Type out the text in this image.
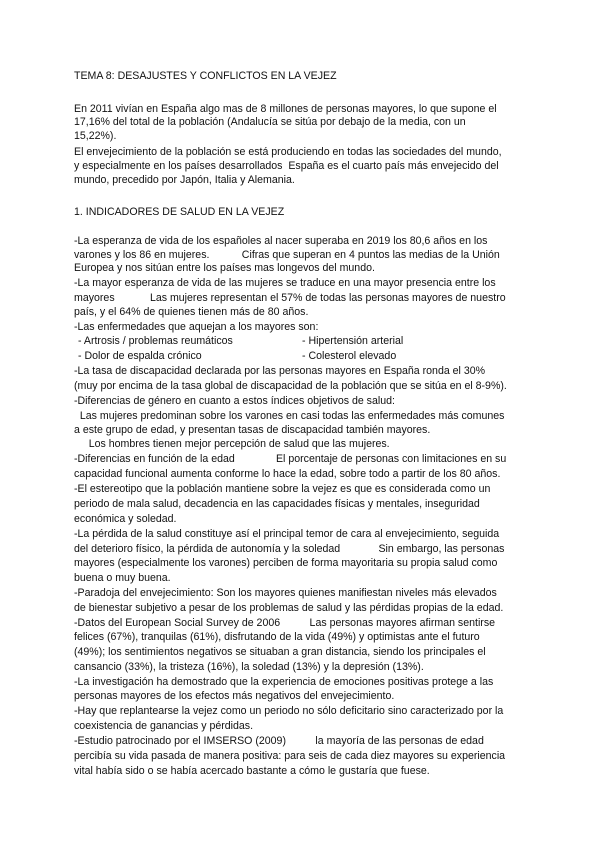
TEMA 8: DESAJUSTES Y CONFLICTOS EN LA VEJEZ
En 2011 vivían en España algo mas de 8 millones de personas mayores, lo que supone el
17,16% del total de la población (Andalucía se sitúa por debajo de la media, con un
15,22%).
El envejecimiento de la población se está produciendo en todas las sociedades del mundo,
y especialmente en los países desarrollados  España es el cuarto país más envejecido del
mundo, precedido por Japón, Italia y Alemania.
1. INDICADORES DE SALUD EN LA VEJEZ
-La esperanza de vida de los españoles al nacer superaba en 2019 los 80,6 años en los
varones y los 86 en mujeres.           Cifras que superan en 4 puntos las medias de la Unión
Europea y nos sitúan entre los países mas longevos del mundo.
-La mayor esperanza de vida de las mujeres se traduce en una mayor presencia entre los
mayores            Las mujeres representan el 57% de todas las personas mayores de nuestro
país, y el 64% de quienes tienen más de 80 años.
-Las enfermedades que aquejan a los mayores son:
- Artrosis / problemas reumáticos	- Hipertensión arterial
- Dolor de espalda crónico	- Colesterol elevado
-La tasa de discapacidad declarada por las personas mayores en España ronda el 30%
(muy por encima de la tasa global de discapacidad de la población que se sitúa en el 8-9%).
-Diferencias de género en cuanto a estos índices objetivos de salud:
Las mujeres predominan sobre los varones en casi todas las enfermedades más comunes
a este grupo de edad, y presentan tasas de discapacidad también mayores.
Los hombres tienen mejor percepción de salud que las mujeres.
-Diferencias en función de la edad              El porcentaje de personas con limitaciones en su
capacidad funcional aumenta conforme lo hace la edad, sobre todo a partir de los 80 años.
-El estereotipo que la población mantiene sobre la vejez es que es considerada como un
periodo de mala salud, decadencia en las capacidades físicas y mentales, inseguridad
económica y soledad.
-La pérdida de la salud constituye así el principal temor de cara al envejecimiento, seguida
del deterioro físico, la pérdida de autonomía y la soledad             Sin embargo, las personas
mayores (especialmente los varones) perciben de forma mayoritaria su propia salud como
buena o muy buena.
-Paradoja del envejecimiento: Son los mayores quienes manifiestan niveles más elevados
de bienestar subjetivo a pesar de los problemas de salud y las pérdidas propias de la edad.
-Datos del European Social Survey de 2006          Las personas mayores afirman sentirse
felices (67%), tranquilas (61%), disfrutando de la vida (49%) y optimistas ante el futuro
(49%); los sentimientos negativos se situaban a gran distancia, siendo los principales el
cansancio (33%), la tristeza (16%), la soledad (13%) y la depresión (13%).
-La investigación ha demostrado que la experiencia de emociones positivas protege a las
personas mayores de los efectos más negativos del envejecimiento.
-Hay que replantearse la vejez como un periodo no sólo deficitario sino caracterizado por la
coexistencia de ganancias y pérdidas.
-Estudio patrocinado por el IMSERSO (2009)          la mayoría de las personas de edad
percibía su vida pasada de manera positiva: para seis de cada diez mayores su experiencia
vital había sido o se había acercado bastante a cómo le gustaría que fuese.
